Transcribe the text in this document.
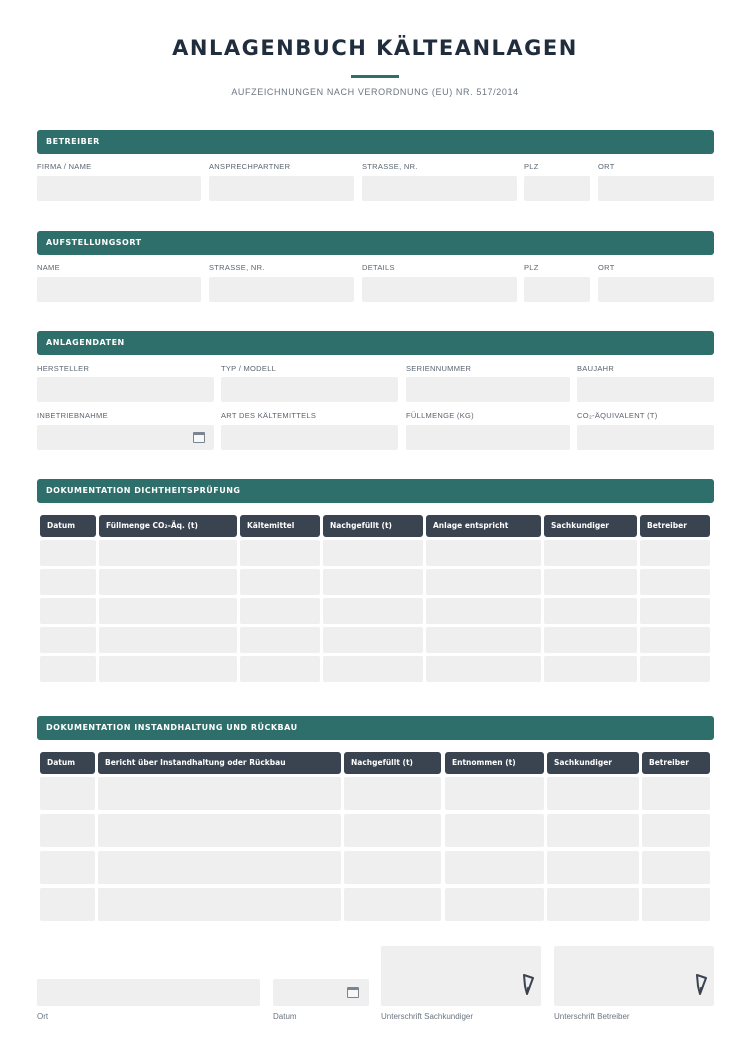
ANLAGENBUCH KÄLTEANLAGEN
AUFZEICHNUNGEN NACH VERORDNUNG (EU) NR. 517/2014
BETREIBER
FIRMA / NAME	ANSPRECHPARTNER	STRASSE, NR.	PLZ	ORT
AUFSTELLUNGSORT
NAME	STRASSE, NR.	DETAILS	PLZ	ORT
ANLAGENDATEN
HERSTELLER	TYP / MODELL	SERIENNUMMER	BAUJAHR
INBETRIEBNAHME	ART DES KÄLTEMITTELS	FÜLLMENGE (KG)	CO₂-ÄQUIVALENT (T)
DOKUMENTATION DICHTHEITSPRÜFUNG
Datum	Füllmenge CO₂-Äq. (t)	Kältemittel	Nachgefüllt (t)	Anlage entspricht	Sachkundiger	Betreiber
DOKUMENTATION INSTANDHALTUNG UND RÜCKBAU
Datum	Bericht über Instandhaltung oder Rückbau	Nachgefüllt (t)	Entnommen (t)	Sachkundiger	Betreiber
Ort	Datum	Unterschrift Sachkundiger	Unterschrift Betreiber
